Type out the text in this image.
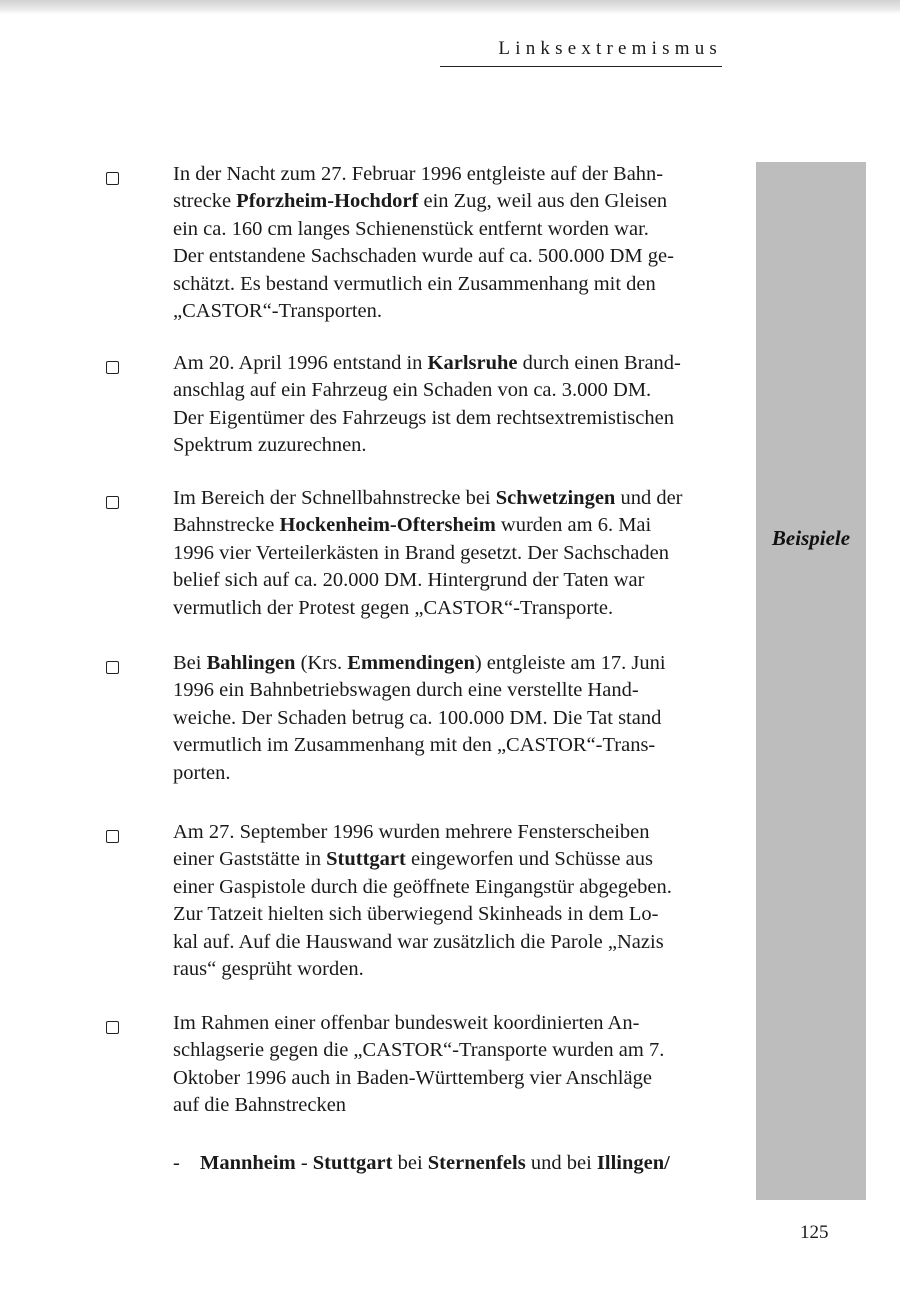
Linksextremismus
Beispiele

In der Nacht zum 27. Februar 1996 entgleiste auf der Bahn-
strecke Pforzheim-Hochdorf ein Zug, weil aus den Gleisen
ein ca. 160 cm langes Schienenstück entfernt worden war.
Der entstandene Sachschaden wurde auf ca. 500.000 DM ge-
schätzt. Es bestand vermutlich ein Zusammenhang mit den
„CASTOR“-Transporten.

Am 20. April 1996 entstand in Karlsruhe durch einen Brand-
anschlag auf ein Fahrzeug ein Schaden von ca. 3.000 DM.
Der Eigentümer des Fahrzeugs ist dem rechtsextremistischen
Spektrum zuzurechnen.

Im Bereich der Schnellbahnstrecke bei Schwetzingen und der
Bahnstrecke Hockenheim-Oftersheim wurden am 6. Mai
1996 vier Verteilerkästen in Brand gesetzt. Der Sachschaden
belief sich auf ca. 20.000 DM. Hintergrund der Taten war
vermutlich der Protest gegen „CASTOR“-Transporte.

Bei Bahlingen (Krs. Emmendingen) entgleiste am 17. Juni
1996 ein Bahnbetriebswagen durch eine verstellte Hand-
weiche. Der Schaden betrug ca. 100.000 DM. Die Tat stand
vermutlich im Zusammenhang mit den „CASTOR“-Trans-
porten.

Am 27. September 1996 wurden mehrere Fensterscheiben
einer Gaststätte in Stuttgart eingeworfen und Schüsse aus
einer Gaspistole durch die geöffnete Eingangstür abgegeben.
Zur Tatzeit hielten sich überwiegend Skinheads in dem Lo-
kal auf. Auf die Hauswand war zusätzlich die Parole „Nazis
raus“ gesprüht worden.

Im Rahmen einer offenbar bundesweit koordinierten An-
schlagserie gegen die „CASTOR“-Transporte wurden am 7.
Oktober 1996 auch in Baden-Württemberg vier Anschläge
auf die Bahnstrecken

- Mannheim - Stuttgart bei Sternenfels und bei Illingen/
125
